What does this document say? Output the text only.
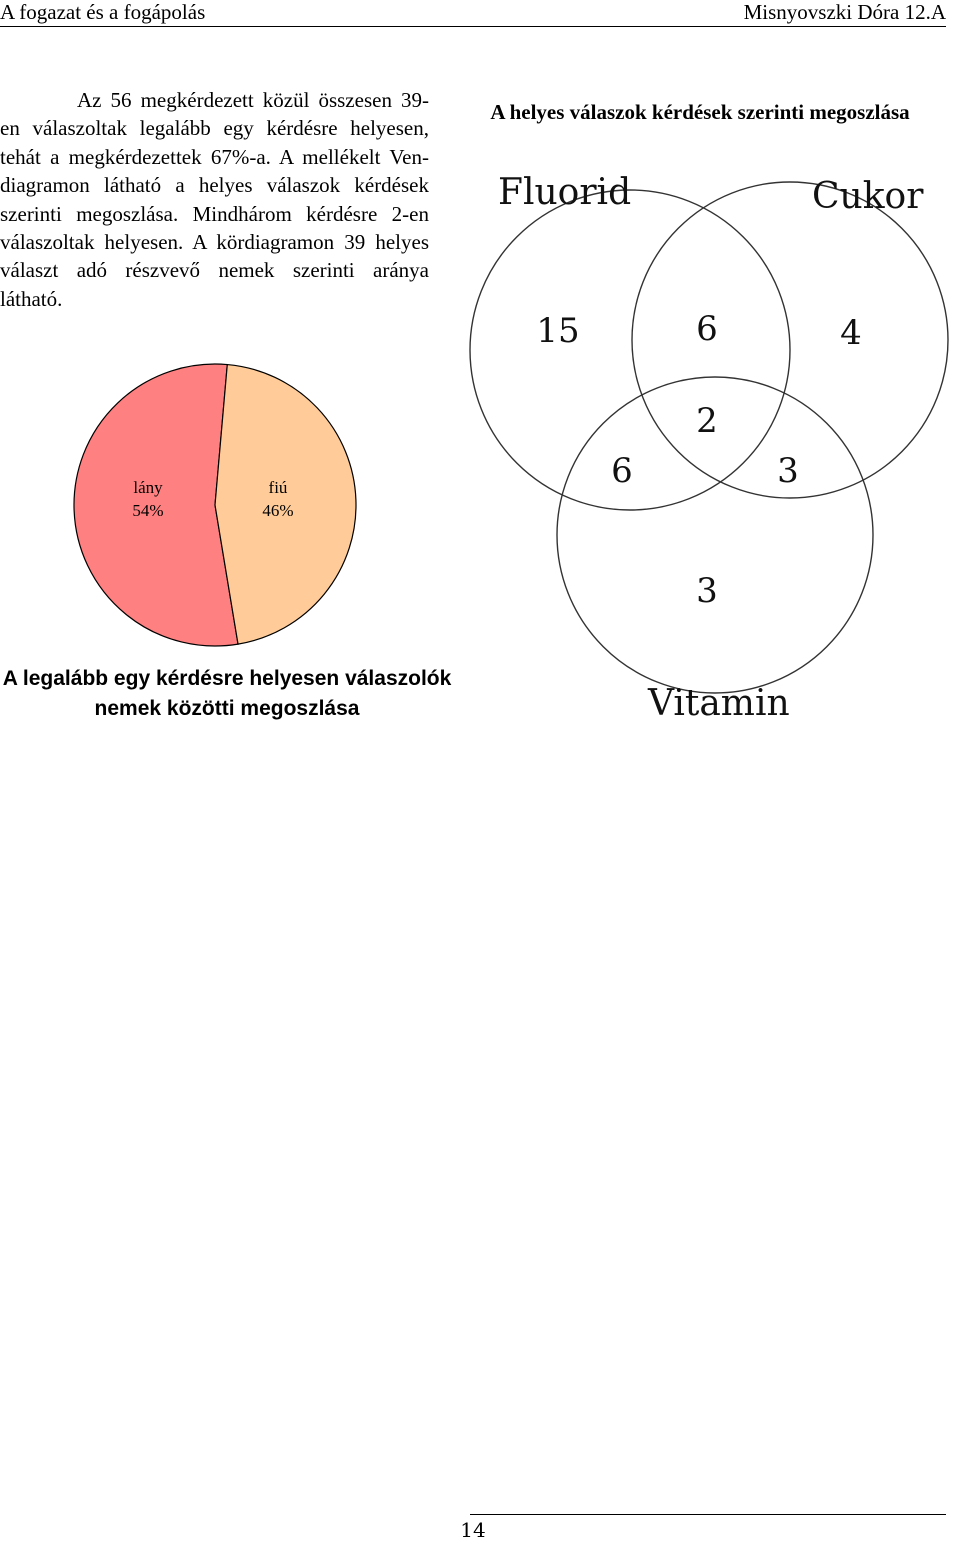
A fogazat és a fogápolás	Misnyovszki Dóra 12.A

Az 56 megkérdezett közül összesen 39-en válaszoltak legalább egy kérdésre helyesen, tehát a megkérdezettek 67%-a. A mellékelt Ven-diagramon látható a helyes válaszok kérdések szerinti megoszlása. Mindhárom kérdésre 2-en válaszoltak helyesen. A kördiagramon 39 helyes választ adó részvevő nemek szerinti aránya látható.

A helyes válaszok kérdések szerinti megoszlása
Fluorid	Cukor
Vitamin
15	6	4
2
6	3
3
lány
54%
fiú
46%
A legalább egy kérdésre helyesen válaszolók nemek közötti megoszlása
14
